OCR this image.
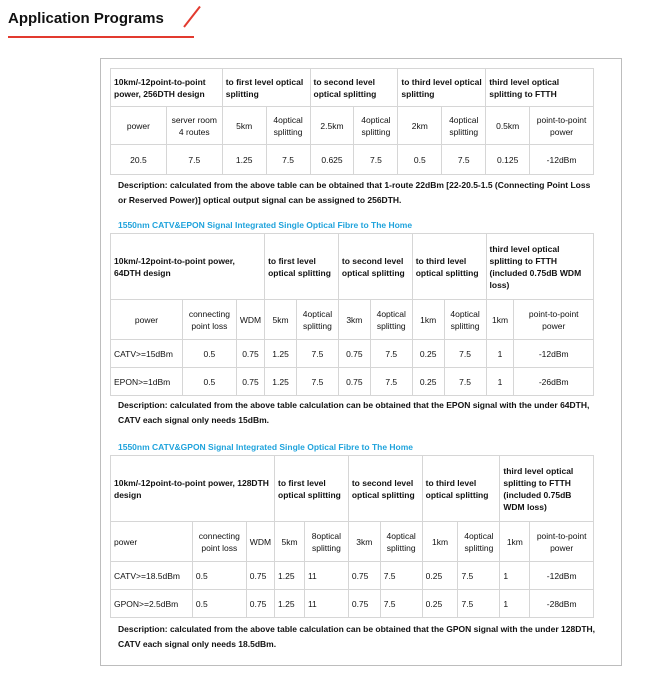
Application Programs
10km/-12point-to-point power, 256DTH design		to first level optical splitting		to second level optical splitting		to third level optical splitting		third level optical splitting to FTTH	
power	server room 4 routes	5km	4optical splitting	2.5km	4optical splitting	2km	4optical splitting	0.5km	point-to-point power
20.5	7.5	1.25	7.5	0.625	7.5	0.5	7.5	0.125	-12dBm
Description: calculated from the above table can be obtained that 1-route 22dBm [22-20.5-1.5 (Connecting Point Loss or Reserved Power)] optical output signal can be assigned to 256DTH.
1550nm CATV&EPON Signal Integrated Single Optical Fibre to The Home
10km/-12point-to-point power, 64DTH design			to first level optical splitting		to second level optical splitting		to third level optical splitting		third level optical splitting to FTTH (included 0.75dB WDM loss)	
power	connecting point loss	WDM	5km	4optical splitting	3km	4optical splitting	1km	4optical splitting	1km	point-to-point power
CATV>=15dBm	0.5	0.75	1.25	7.5	0.75	7.5	0.25	7.5	1	-12dBm
EPON>=1dBm	0.5	0.75	1.25	7.5	0.75	7.5	0.25	7.5	1	-26dBm
Description: calculated from the above table calculation can be obtained that the EPON signal with the under 64DTH, CATV each signal only needs 15dBm.
1550nm CATV&GPON Signal Integrated Single Optical Fibre to The Home
10km/-12point-to-point power, 128DTH design			to first level optical splitting		to second level optical splitting		to third level optical splitting		third level optical splitting to FTTH (included 0.75dB WDM loss)	
power	connecting point loss	WDM	5km	8optical splitting	3km	4optical splitting	1km	4optical splitting	1km	point-to-point power
CATV>=18.5dBm	0.5	0.75	1.25	11	0.75	7.5	0.25	7.5	1	-12dBm
GPON>=2.5dBm	0.5	0.75	1.25	11	0.75	7.5	0.25	7.5	1	-28dBm
Description: calculated from the above table calculation can be obtained that the GPON signal with the under 128DTH, CATV each signal only needs 18.5dBm.
